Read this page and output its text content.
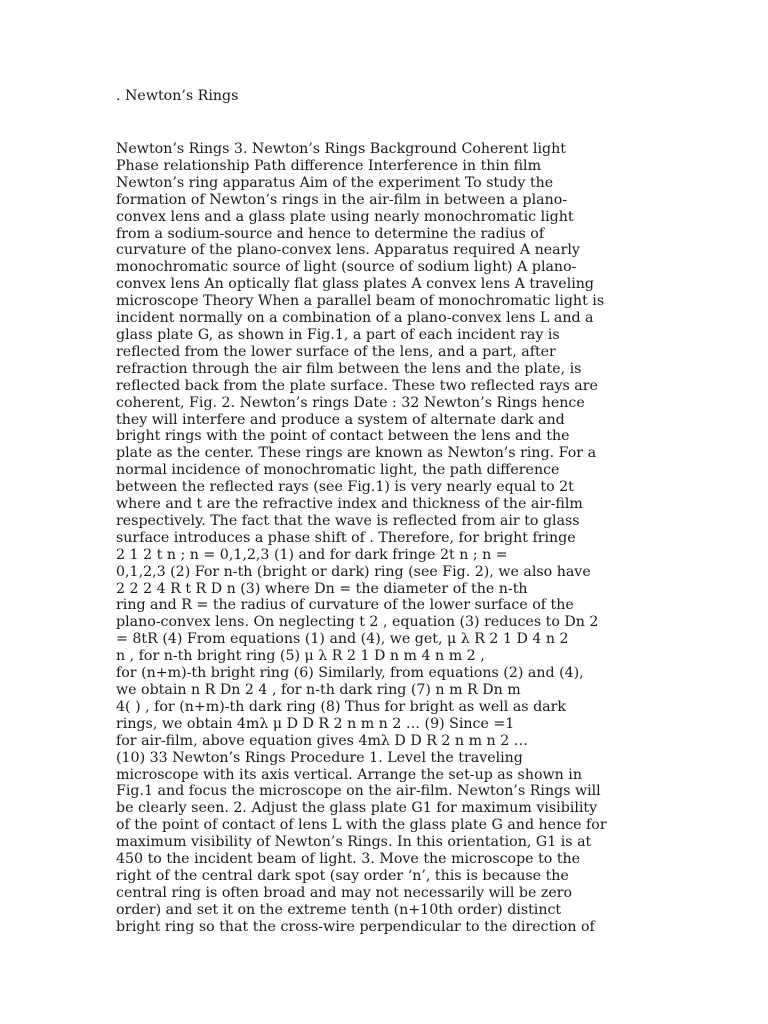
. Newton’s Rings

Newton’s Rings 3. Newton’s Rings Background Coherent light
Phase relationship Path difference Interference in thin film
Newton’s ring apparatus Aim of the experiment To study the
formation of Newton’s rings in the air-film in between a plano-
convex lens and a glass plate using nearly monochromatic light
from a sodium-source and hence to determine the radius of
curvature of the plano-convex lens. Apparatus required A nearly
monochromatic source of light (source of sodium light) A plano-
convex lens An optically flat glass plates A convex lens A traveling
microscope Theory When a parallel beam of monochromatic light is
incident normally on a combination of a plano-convex lens L and a
glass plate G, as shown in Fig.1, a part of each incident ray is
reflected from the lower surface of the lens, and a part, after
refraction through the air film between the lens and the plate, is
reflected back from the plate surface. These two reflected rays are
coherent, Fig. 2. Newton’s rings Date : 32 Newton’s Rings hence
they will interfere and produce a system of alternate dark and
bright rings with the point of contact between the lens and the
plate as the center. These rings are known as Newton’s ring. For a
normal incidence of monochromatic light, the path difference
between the reflected rays (see Fig.1) is very nearly equal to 2t
where and t are the refractive index and thickness of the air-film
respectively. The fact that the wave is reflected from air to glass
surface introduces a phase shift of . Therefore, for bright fringe
2 1 2 t n ; n = 0,1,2,3 (1) and for dark fringe 2t n ; n =
0,1,2,3 (2) For n-th (bright or dark) ring (see Fig. 2), we also have
2 2 2 4 R t R D n (3) where Dn = the diameter of the n-th
ring and R = the radius of curvature of the lower surface of the
plano-convex lens. On neglecting t 2 , equation (3) reduces to Dn 2
= 8tR (4) From equations (1) and (4), we get, μ λ R 2 1 D 4 n 2
n , for n-th bright ring (5) μ λ R 2 1 D n m 4 n m 2 ,
for (n+m)-th bright ring (6) Similarly, from equations (2) and (4),
we obtain n R Dn 2 4 , for n-th dark ring (7) n m R Dn m
4( ) , for (n+m)-th dark ring (8) Thus for bright as well as dark
rings, we obtain 4mλ μ D D R 2 n m n 2 … (9) Since =1
for air-film, above equation gives 4mλ D D R 2 n m n 2 …
(10) 33 Newton’s Rings Procedure 1. Level the traveling
microscope with its axis vertical. Arrange the set-up as shown in
Fig.1 and focus the microscope on the air-film. Newton’s Rings will
be clearly seen. 2. Adjust the glass plate G1 for maximum visibility
of the point of contact of lens L with the glass plate G and hence for
maximum visibility of Newton’s Rings. In this orientation, G1 is at
450 to the incident beam of light. 3. Move the microscope to the
right of the central dark spot (say order ‘n’, this is because the
central ring is often broad and may not necessarily will be zero
order) and set it on the extreme tenth (n+10th order) distinct
bright ring so that the cross-wire perpendicular to the direction of
